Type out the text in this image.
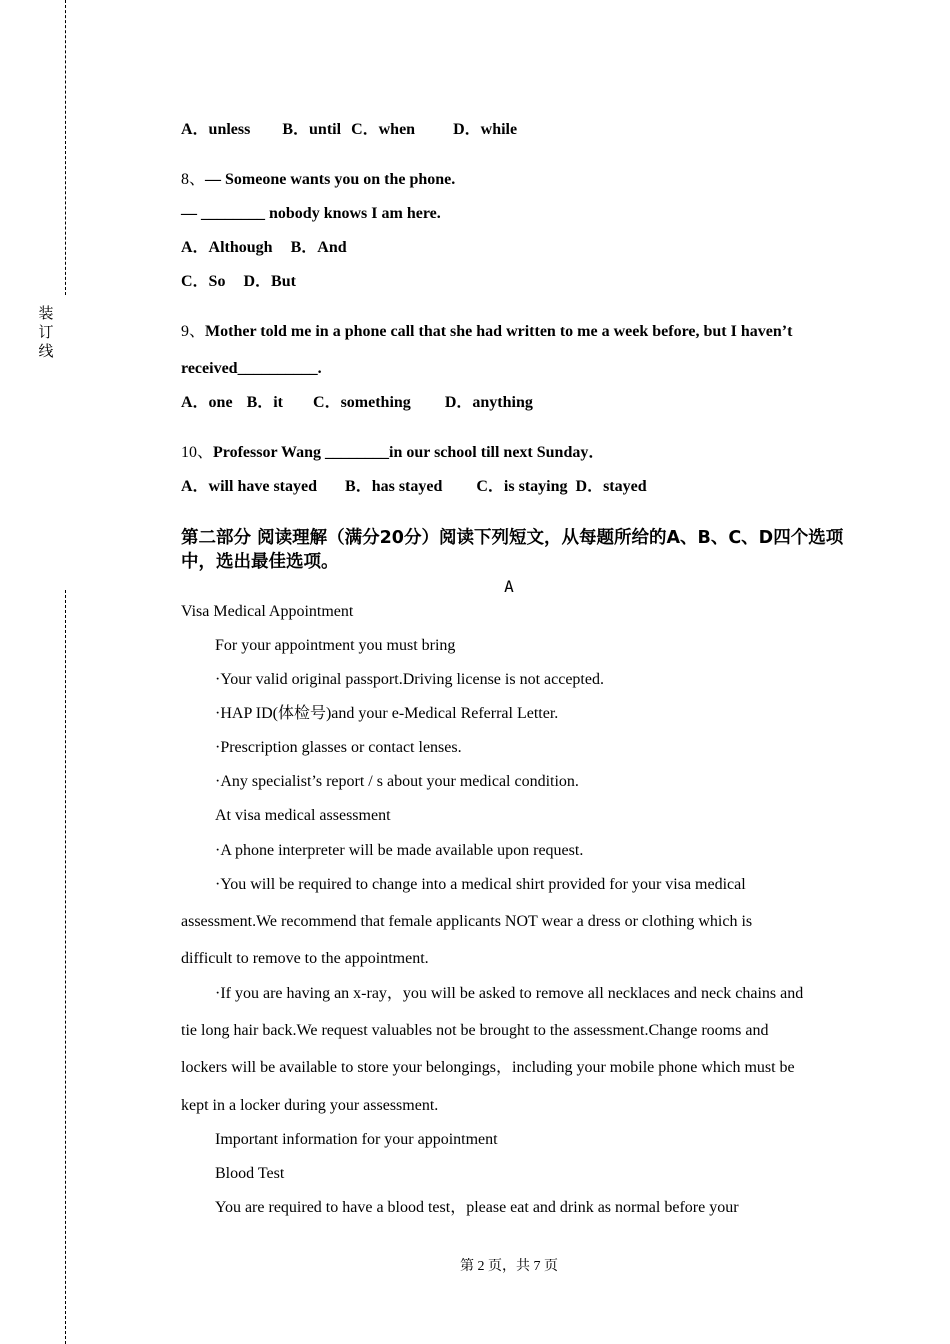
装订线
A．unless B．until C．when D．while
8、— Someone wants you on the phone.
— ________ nobody knows I am here.
A．Although B．And
C．So D．But
9、Mother told me in a phone call that she had written to me a week before, but I haven’t
received__________.
A．one B．it C．something D．anything
10、Professor Wang ________in our school till next Sunday．
A．will have stayed B．has stayed C．is staying D．stayed
第二部分 阅读理解（满分20分）阅读下列短文，从每题所给的A、B、C、D四个选项中，选出最佳选项。
A
Visa Medical Appointment
For your appointment you must bring
·Your valid original passport.Driving license is not accepted.
·HAP ID(体检号)and your e-Medical Referral Letter.
·Prescription glasses or contact lenses.
·Any specialist’s report / s about your medical condition.
At visa medical assessment
·A phone interpreter will be made available upon request.
·You will be required to change into a medical shirt provided for your visa medical
assessment.We recommend that female applicants NOT wear a dress or clothing which is
difficult to remove to the appointment.
·If you are having an x-ray，you will be asked to remove all necklaces and neck chains and
tie long hair back.We request valuables not be brought to the assessment.Change rooms and
lockers will be available to store your belongings，including your mobile phone which must be
kept in a locker during your assessment.
Important information for your appointment
Blood Test
You are required to have a blood test，please eat and drink as normal before your
第 2 页，共 7 页
